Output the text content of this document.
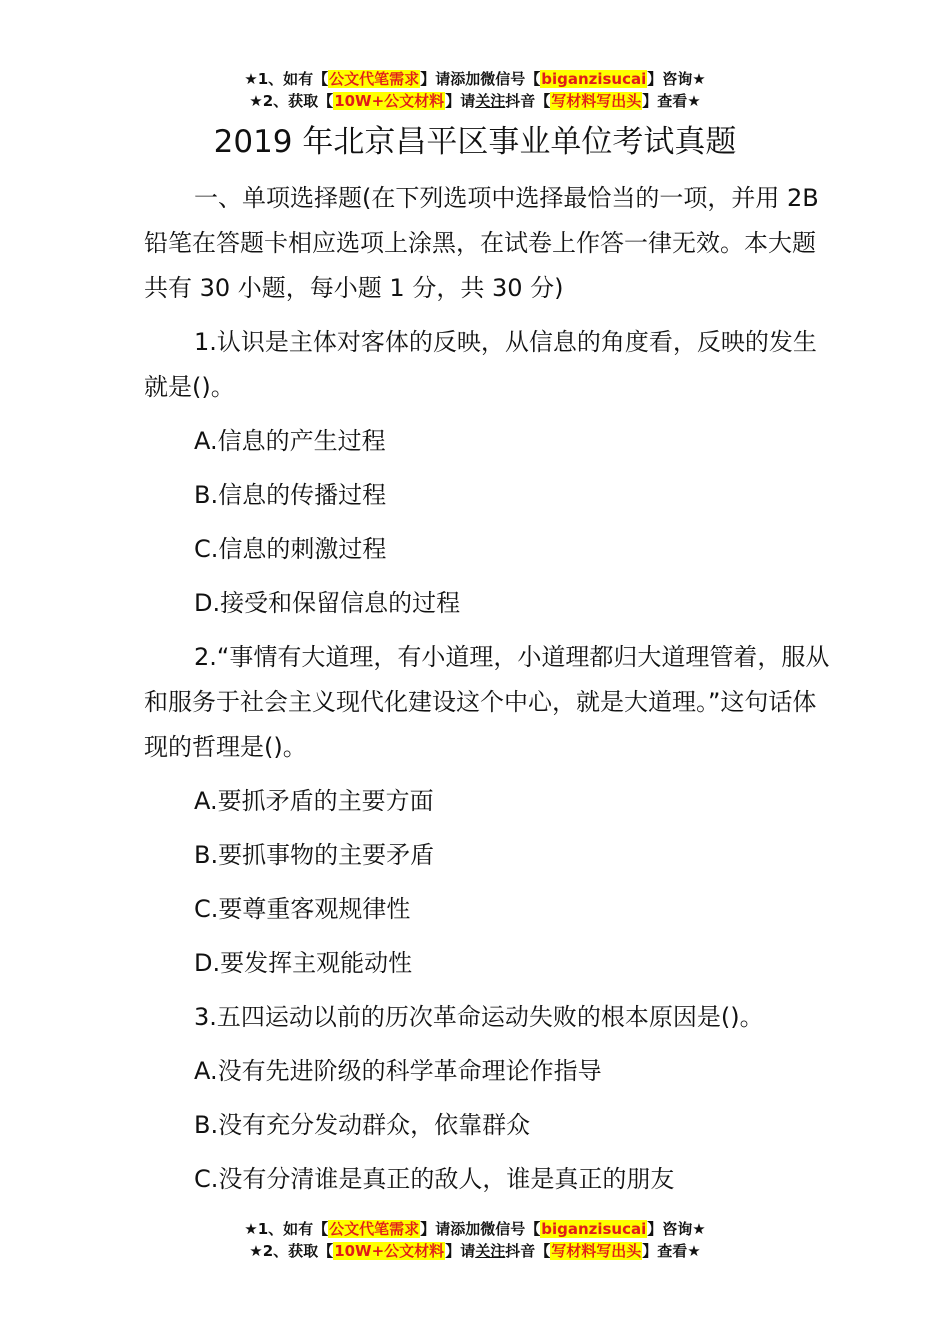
★1、如有【公文代笔需求】请添加微信号【biganzisucai】咨询★
★2、获取【10W+公文材料】请关注抖音【写材料写出头】查看★
2019 年北京昌平区事业单位考试真题

一、单项选择题(在下列选项中选择最恰当的一项，并用 2B 铅笔在答题卡相应选项上涂黑，在试卷上作答一律无效。本大题共有 30 小题，每小题 1 分，共 30 分)

1.认识是主体对客体的反映，从信息的角度看，反映的发生就是()。

A.信息的产生过程

B.信息的传播过程

C.信息的刺激过程

D.接受和保留信息的过程

2.“事情有大道理，有小道理，小道理都归大道理管着，服从和服务于社会主义现代化建设这个中心，就是大道理。”这句话体现的哲理是()。

A.要抓矛盾的主要方面

B.要抓事物的主要矛盾

C.要尊重客观规律性

D.要发挥主观能动性

3.五四运动以前的历次革命运动失败的根本原因是()。

A.没有先进阶级的科学革命理论作指导

B.没有充分发动群众，依靠群众

C.没有分清谁是真正的敌人，谁是真正的朋友

★1、如有【公文代笔需求】请添加微信号【biganzisucai】咨询★
★2、获取【10W+公文材料】请关注抖音【写材料写出头】查看★
